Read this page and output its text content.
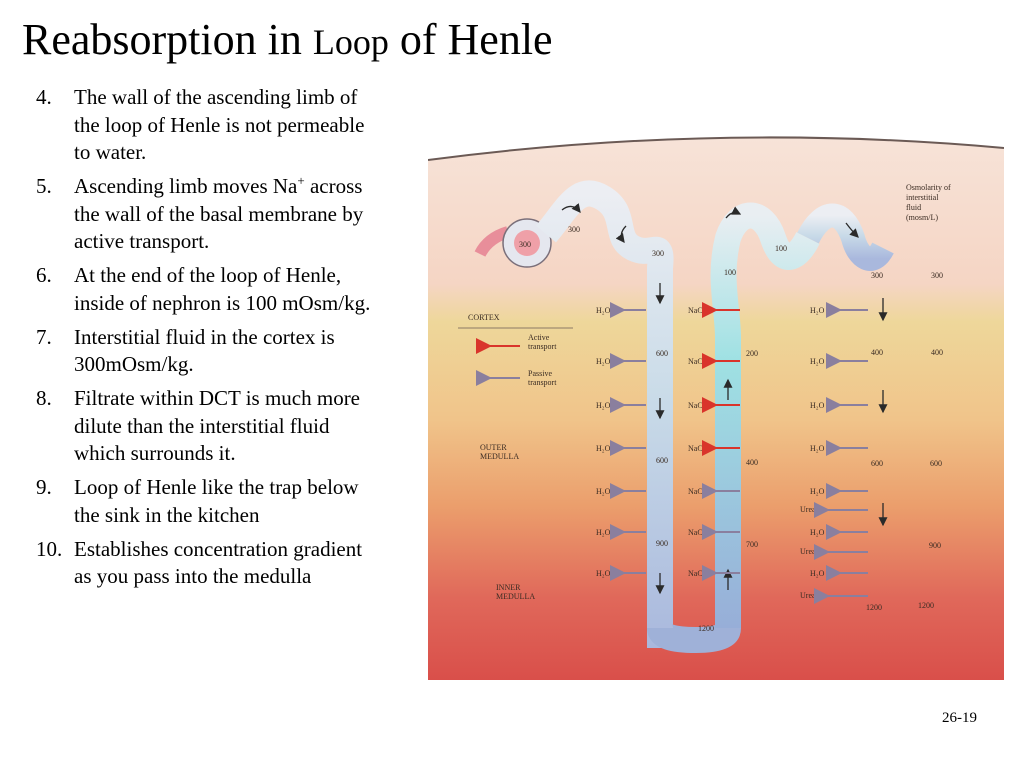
Reabsorption in Loop of Henle
4. The wall of the ascending limb of the loop of Henle is not permeable to water.
5. Ascending limb moves Na+ across the wall of the basal membrane by active transport.
6. At the end of the loop of Henle, inside of nephron is 100 mOsm/kg.
7. Interstitial fluid in the cortex is 300mOsm/kg.
8. Filtrate within DCT is much more dilute than the interstitial fluid which surrounds it.
9. Loop of Henle like the trap below the sink in the kitchen
10. Establishes concentration gradient as you pass into the medulla
300
300
300
100
100
600
600
900
200
400
700
1200
300
400
600
1200
Osmolarity of
interstitial
fluid
(mosm/L)
300
400
600
900
1200
CORTEX
OUTER
MEDULLA
INNER
MEDULLA
Active
transport
Passive
transport
H₂O
H₂O
H₂O
H₂O
H₂O
H₂O
H₂O
NaCl
NaCl
NaCl
NaCl
NaCl
NaCl
NaCl
H₂O
H₂O
H₂O
H₂O
H₂O
Urea
H₂O
Urea
H₂O
Urea
26-19
